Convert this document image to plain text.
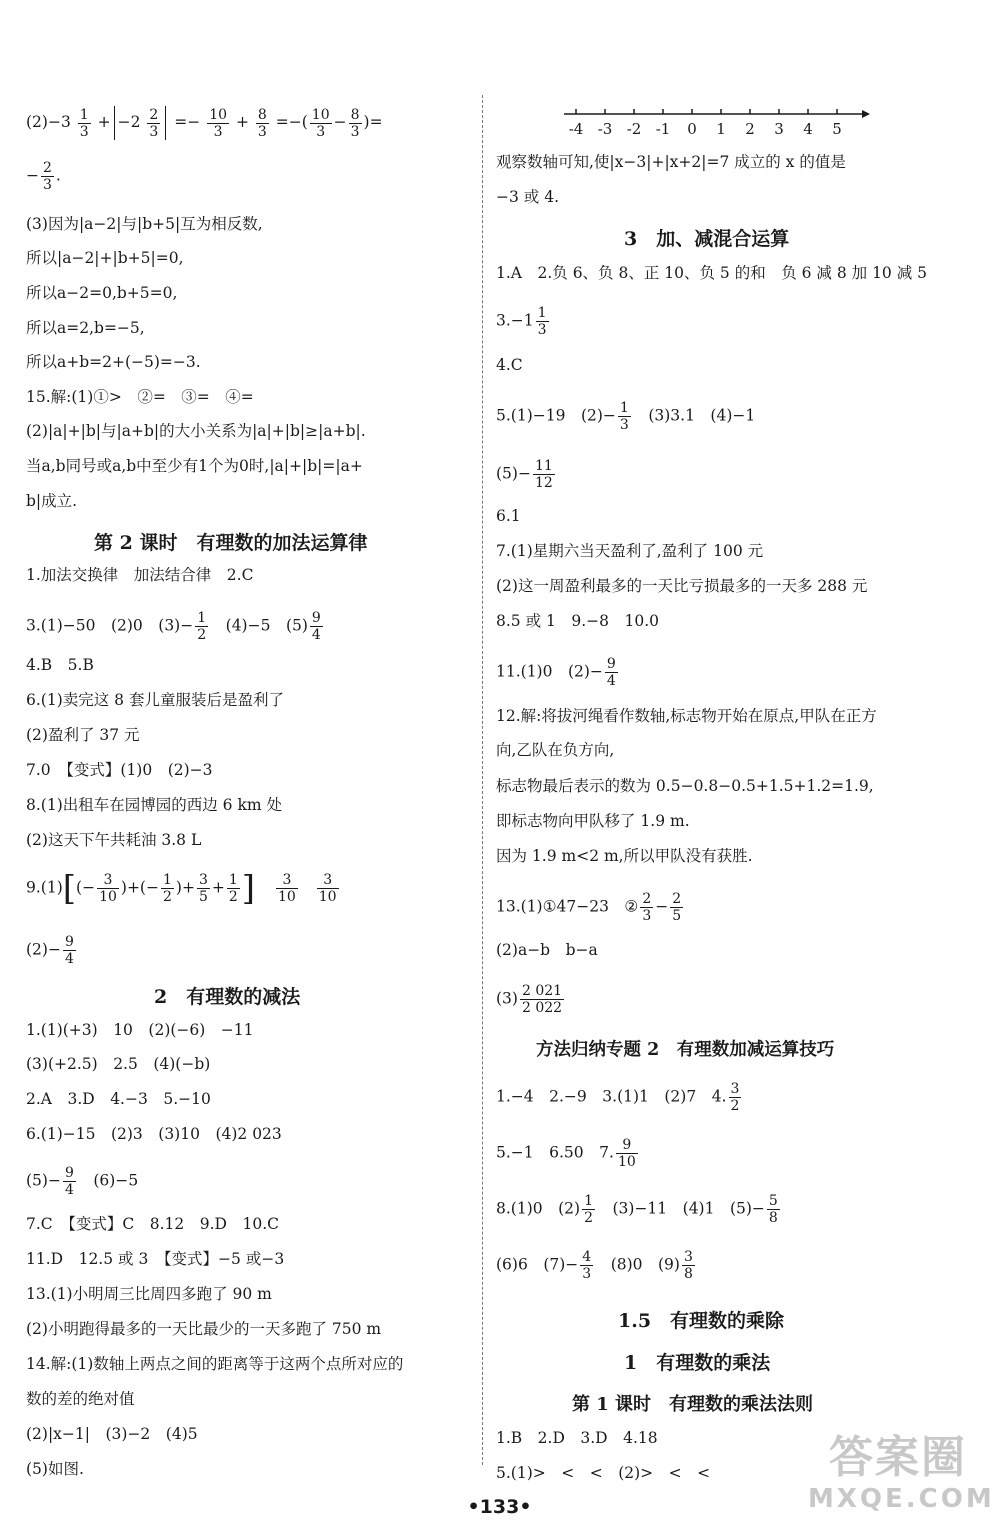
$(2)-3 \frac{1}{3} + -2 \frac{2}{3} =- \frac{10}{3} + \frac{8}{3}$ =−( $\frac{10}{3} - \frac{8}{3}$ )=
− $\frac{2}{3}$ .
(3)因为|a−2|与|b+5|互为相反数,
所以|a−2|+|b+5|=0,
所以a−2=0,b+5=0,
所以a=2,b=−5,
所以a+b=2+(−5)=−3.
15.解:(1)①>　②=　③=　④=
(2)|a|+|b|与|a+b|的大小关系为|a|+|b|≥|a+b|.
当a,b同号或a,b中至少有1个为0时,|a|+|b|=|a+
b|成立.
第 2 课时　有理数的加法运算律
1.加法交换律　加法结合律　2.C
3.(1)−50　(2)0　$(3)- \frac{1}{2}$ 　(4)−5　$(5) \frac{9}{4}$
4.B　5.B
6.(1)卖完这 8 套儿童服装后是盈利了
(2)盈利了 37 元
7.0　【变式】(1)0　(2)−3
8.(1)出租车在园博园的西边 6 km 处
(2)这天下午共耗油 3.8 L
$9.(1)[(- \frac{3}{10}$ )+(− $\frac{1}{2}$ )+ $\frac{3}{5} + \frac{1}{2}$ ] $\frac{3}{10}$
$\frac{3}{10}$
$(2)- \frac{9}{4}$
2　有理数的减法
1.(1)(+3)　10　(2)(−6)　−11
(3)(+2.5)　2.5　(4)(−b)
2.A　3.D　4.−3　5.−10
6.(1)−15　(2)3　(3)10　(4)2 023
$(5)- \frac{9}{4}$ 　(6)−5
7.C　【变式】C　8.12　9.D　10.C
11.D　12.5 或 3　【变式】−5 或−3
13.(1)小明周三比周四多跑了 90 m
(2)小明跑得最多的一天比最少的一天多跑了 750 m
14.解:(1)数轴上两点之间的距离等于这两个点所对应的
数的差的绝对值
(2)|x−1|　(3)−2　(4)5
(5)如图.
-4 -3 -2 -1 0 1 2 3 4 5
观察数轴可知,使|x−3|+|x+2|=7 成立的 x 的值是
−3 或 4.
3　加、减混合运算
1.A　2.负 6、负 8、正 10、负 5 的和　负 6 减 8 加 10 减 5
$3.-1 \frac{1}{3}$
4.C
5.(1)−19　$(2)- \frac{1}{3}$ 　(3)3.1　(4)−1
$(5)- \frac{11}{12}$
6.1
7.(1)星期六当天盈利了,盈利了 100 元
(2)这一周盈利最多的一天比亏损最多的一天多 288 元
8.5 或 1　9.−8　10.0
11.(1)0　$(2)- \frac{9}{4}$
12.解:将拔河绳看作数轴,标志物开始在原点,甲队在正方
向,乙队在负方向,
标志物最后表示的数为 0.5−0.8−0.5+1.5+1.2=1.9,
即标志物向甲队移了 1.9 m.
因为 1.9 m<2 m,所以甲队没有获胜.
13.(1)①47−23　② $\frac{2}{3} - \frac{2}{5}$
(2)a−b　b−a
$(3) \frac{2 021}{2 022}$
方法归纳专题 2　有理数加减运算技巧
1.−4　2.−9　3.(1)1　(2)7　4. $\frac{3}{2}$
5.−1　6.50　7. $\frac{9}{10}$
8.(1)0　$(2) \frac{1}{2}$ 　(3)−11　(4)1　$(5)- \frac{5}{8}$
(6)6　$(7)- \frac{4}{3}$ 　(8)0　$(9) \frac{3}{8}$
1.5　有理数的乘除
1　有理数的乘法
第 1 课时　有理数的乘法法则
1.B　2.D　3.D　4.18
5.(1)>　<　<　(2)>　<　<
•133•
答案圈
MXQE.COM
